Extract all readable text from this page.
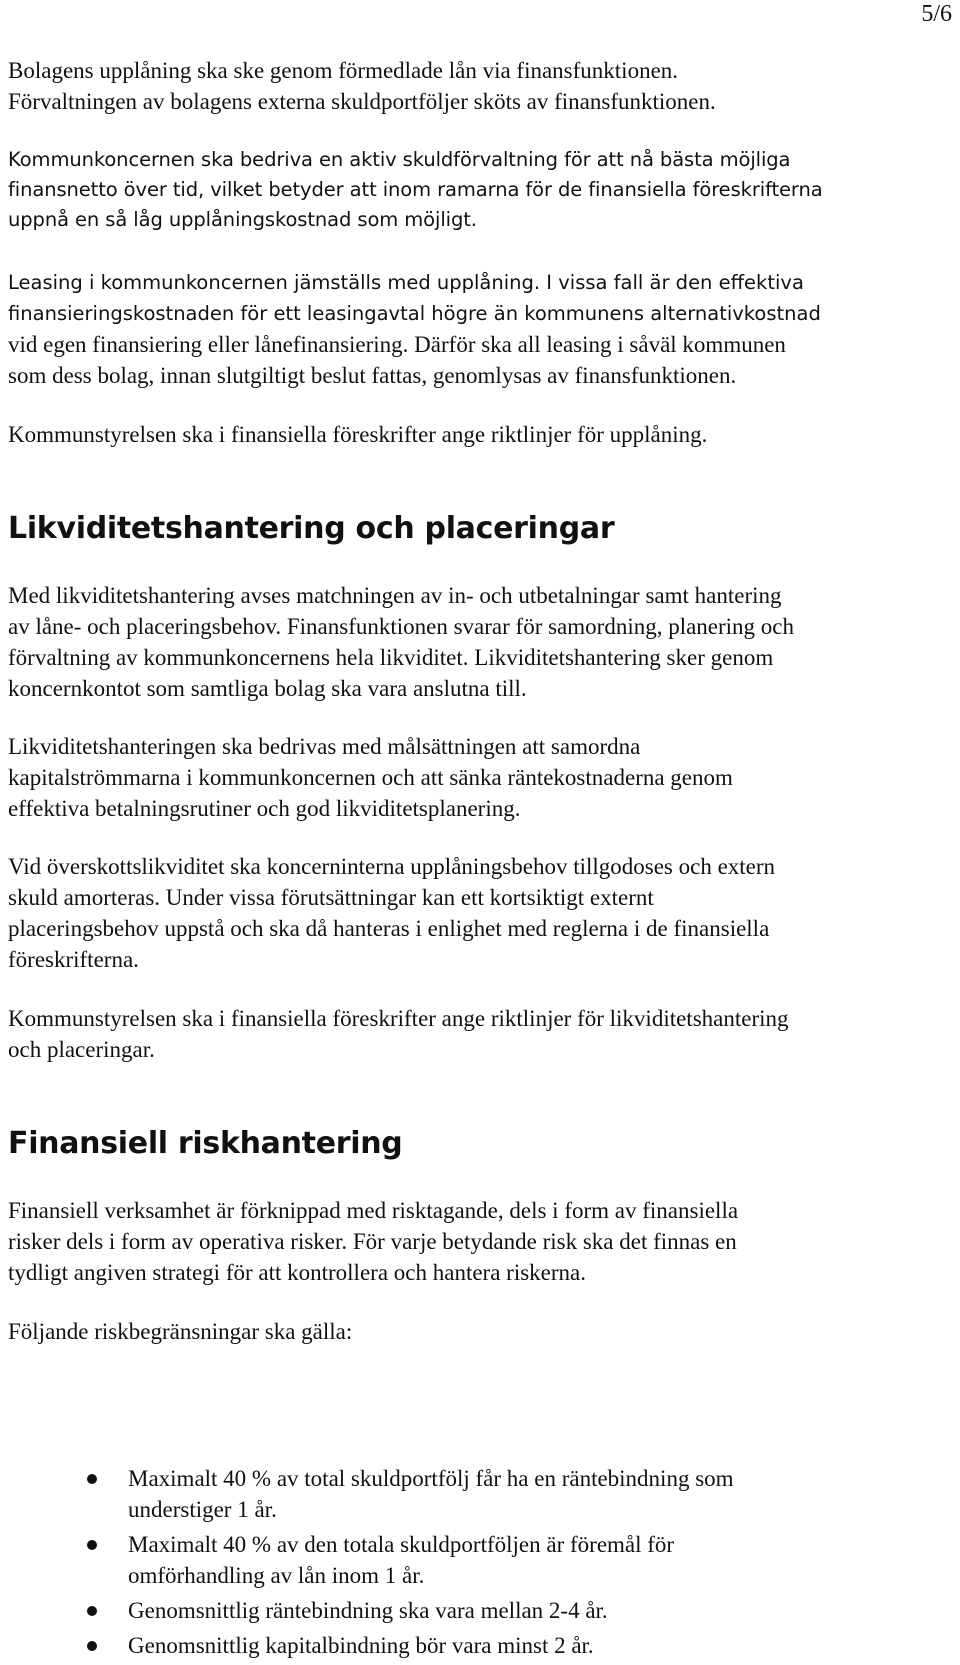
5/6

Bolagens upplåning ska ske genom förmedlade lån via finansfunktionen.
Förvaltningen av bolagens externa skuldportföljer sköts av finansfunktionen.

Kommunkoncernen ska bedriva en aktiv skuldförvaltning för att nå bästa möjliga
finansnetto över tid, vilket betyder att inom ramarna för de finansiella föreskrifterna
uppnå en så låg upplåningskostnad som möjligt.

Leasing i kommunkoncernen jämställs med upplåning. I vissa fall är den effektiva
finansieringskostnaden för ett leasingavtal högre än kommunens alternativkostnad
vid egen finansiering eller lånefinansiering. Därför ska all leasing i såväl kommunen
som dess bolag, innan slutgiltigt beslut fattas, genomlysas av finansfunktionen.

Kommunstyrelsen ska i finansiella föreskrifter ange riktlinjer för upplåning.

Likviditetshantering och placeringar

Med likviditetshantering avses matchningen av in- och utbetalningar samt hantering
av låne- och placeringsbehov. Finansfunktionen svarar för samordning, planering och
förvaltning av kommunkoncernens hela likviditet. Likviditetshantering sker genom
koncernkontot som samtliga bolag ska vara anslutna till.

Likviditetshanteringen ska bedrivas med målsättningen att samordna
kapitalströmmarna i kommunkoncernen och att sänka räntekostnaderna genom
effektiva betalningsrutiner och god likviditetsplanering.

Vid överskottslikviditet ska koncerninterna upplåningsbehov tillgodoses och extern
skuld amorteras. Under vissa förutsättningar kan ett kortsiktigt externt
placeringsbehov uppstå och ska då hanteras i enlighet med reglerna i de finansiella
föreskrifterna.

Kommunstyrelsen ska i finansiella föreskrifter ange riktlinjer för likviditetshantering
och placeringar.

Finansiell riskhantering

Finansiell verksamhet är förknippad med risktagande, dels i form av finansiella
risker dels i form av operativa risker. För varje betydande risk ska det finnas en
tydligt angiven strategi för att kontrollera och hantera riskerna.

Följande riskbegränsningar ska gälla:

Maximalt 40 % av total skuldportfölj får ha en räntebindning som
understiger 1 år.
Maximalt 40 % av den totala skuldportföljen är föremål för
omförhandling av lån inom 1 år.
Genomsnittlig räntebindning ska vara mellan 2-4 år.
Genomsnittlig kapitalbindning bör vara minst 2 år.
